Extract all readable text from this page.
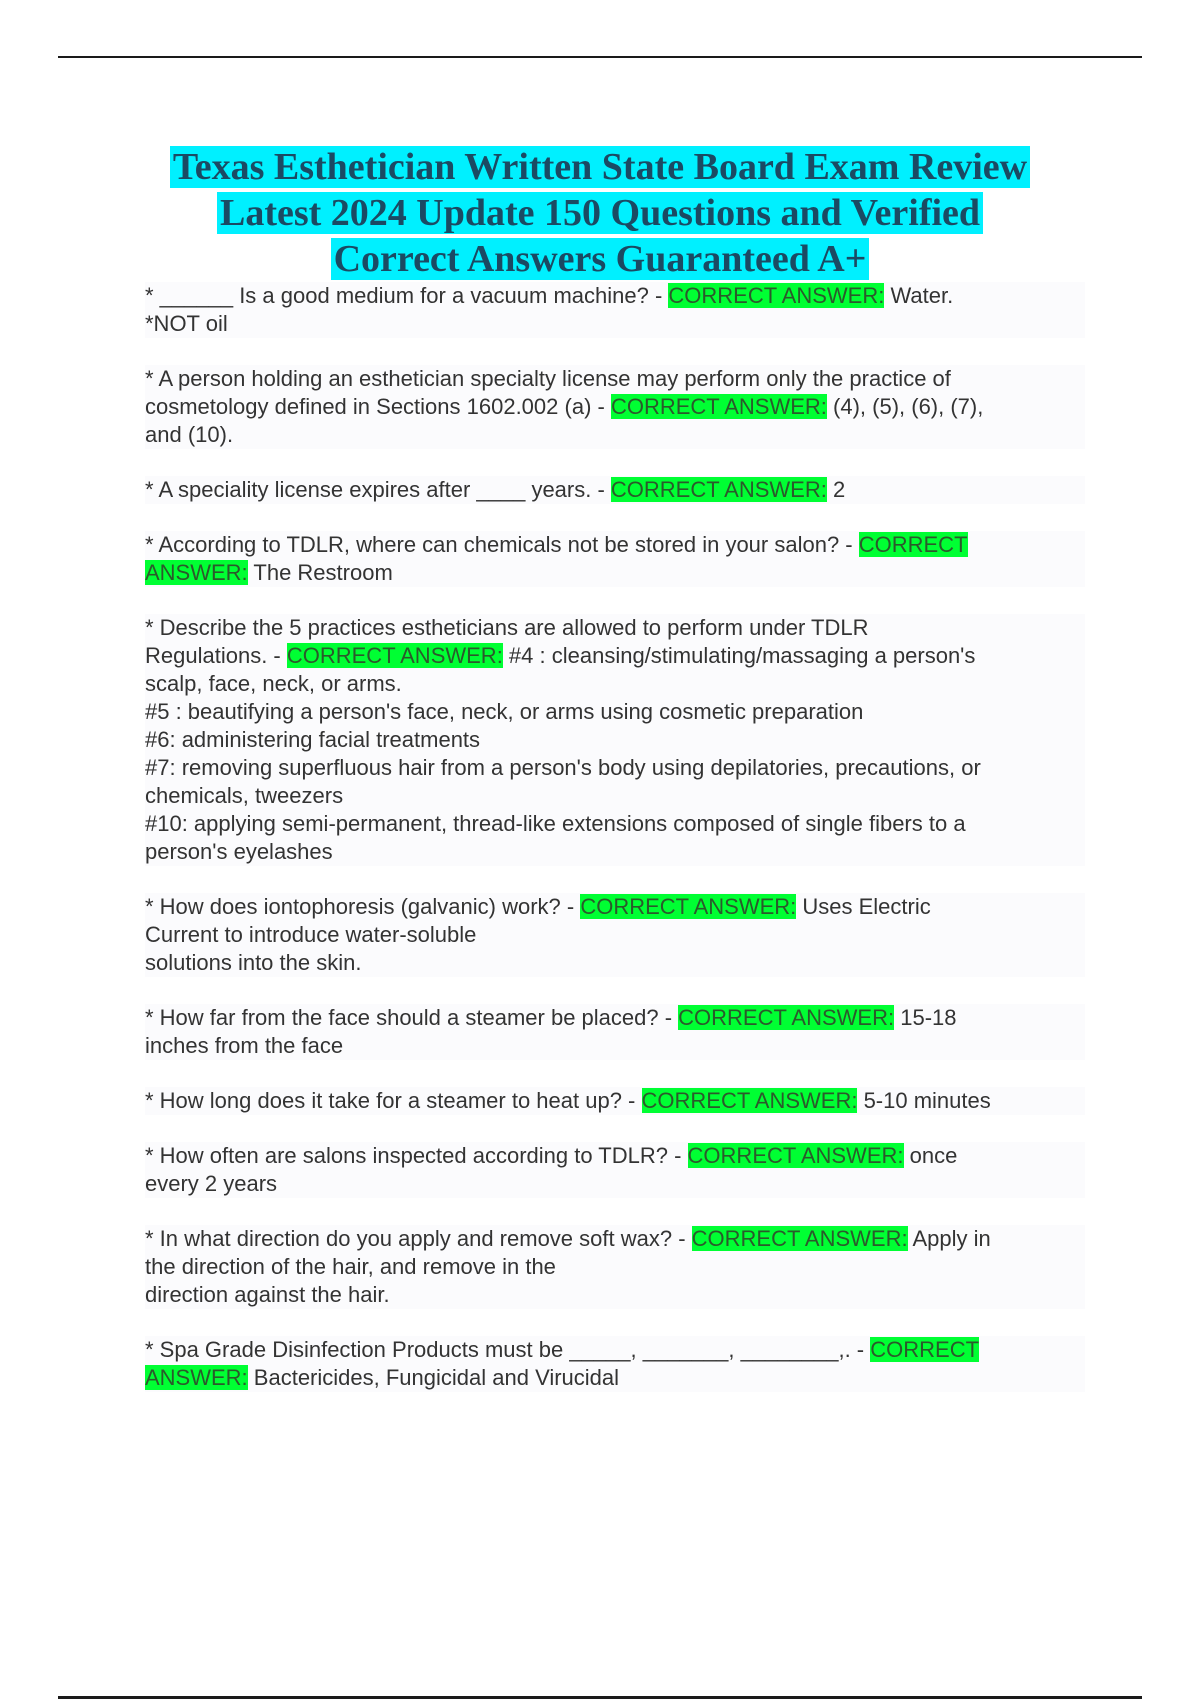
Texas Esthetician Written State Board Exam Review
Latest 2024 Update 150 Questions and Verified
Correct Answers Guaranteed A+
* ______ Is a good medium for a vacuum machine? - CORRECT ANSWER: Water.
*NOT oil
* A person holding an esthetician specialty license may perform only the practice of
cosmetology defined in Sections 1602.002 (a) - CORRECT ANSWER: (4), (5), (6), (7),
and (10).
* A speciality license expires after ____ years. - CORRECT ANSWER: 2
* According to TDLR, where can chemicals not be stored in your salon? - CORRECT
ANSWER: The Restroom
* Describe the 5 practices estheticians are allowed to perform under TDLR
Regulations. - CORRECT ANSWER: #4 : cleansing/stimulating/massaging a person's
scalp, face, neck, or arms.
#5 : beautifying a person's face, neck, or arms using cosmetic preparation
#6: administering facial treatments
#7: removing superfluous hair from a person's body using depilatories, precautions, or
chemicals, tweezers
#10: applying semi-permanent, thread-like extensions composed of single fibers to a
person's eyelashes
* How does iontophoresis (galvanic) work? - CORRECT ANSWER: Uses Electric
Current to introduce water-soluble
solutions into the skin.
* How far from the face should a steamer be placed? - CORRECT ANSWER: 15-18
inches from the face
* How long does it take for a steamer to heat up? - CORRECT ANSWER: 5-10 minutes
* How often are salons inspected according to TDLR? - CORRECT ANSWER: once
every 2 years
* In what direction do you apply and remove soft wax? - CORRECT ANSWER: Apply in
the direction of the hair, and remove in the
direction against the hair.
* Spa Grade Disinfection Products must be _____, _______, ________,. - CORRECT
ANSWER: Bactericides, Fungicidal and Virucidal
